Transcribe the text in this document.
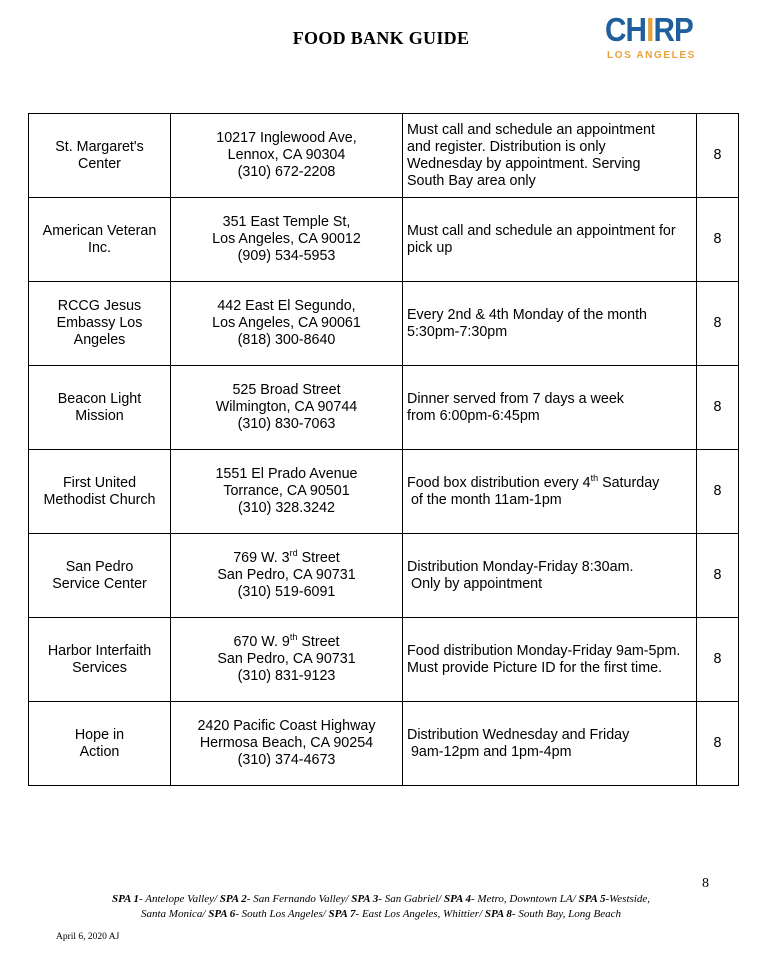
FOOD BANK GUIDE	CHIRP
LOS ANGELES
St. Margaret's
Center	10217 Inglewood Ave,
Lennox, CA 90304
(310) 672-2208	Must call and schedule an appointment
and register. Distribution is only
Wednesday by appointment. Serving
South Bay area only	8

American Veteran
Inc.	351 East Temple St,
Los Angeles, CA 90012
(909) 534-5953	Must call and schedule an appointment for
pick up	8

RCCG Jesus
Embassy Los
Angeles	442 East El Segundo,
Los Angeles, CA 90061
(818) 300-8640	Every 2nd & 4th Monday of the month
5:30pm-7:30pm	8

Beacon Light
Mission	525 Broad Street
Wilmington, CA 90744
(310) 830-7063	Dinner served from 7 days a week
from 6:00pm-6:45pm	8

First United
Methodist Church	1551 El Prado Avenue
Torrance, CA 90501
(310) 328.3242	Food box distribution every 4th Saturday
of the month 11am-1pm	8

San Pedro
Service Center	769 W. 3rd Street
San Pedro, CA 90731
(310) 519-6091	Distribution Monday-Friday 8:30am.
Only by appointment	8

Harbor Interfaith
Services	670 W. 9th Street
San Pedro, CA 90731
(310) 831-9123	Food distribution Monday-Friday 9am-5pm.
Must provide Picture ID for the first time.	8

Hope in
Action	2420 Pacific Coast Highway
Hermosa Beach, CA 90254
(310) 374-4673	Distribution Wednesday and Friday
9am-12pm and 1pm-4pm	8
8
SPA 1- Antelope Valley/ SPA 2- San Fernando Valley/ SPA 3- San Gabriel/ SPA 4- Metro, Downtown LA/ SPA 5-Westside,
Santa Monica/ SPA 6- South Los Angeles/ SPA 7- East Los Angeles, Whittier/ SPA 8- South Bay, Long Beach
April 6, 2020 AJ
